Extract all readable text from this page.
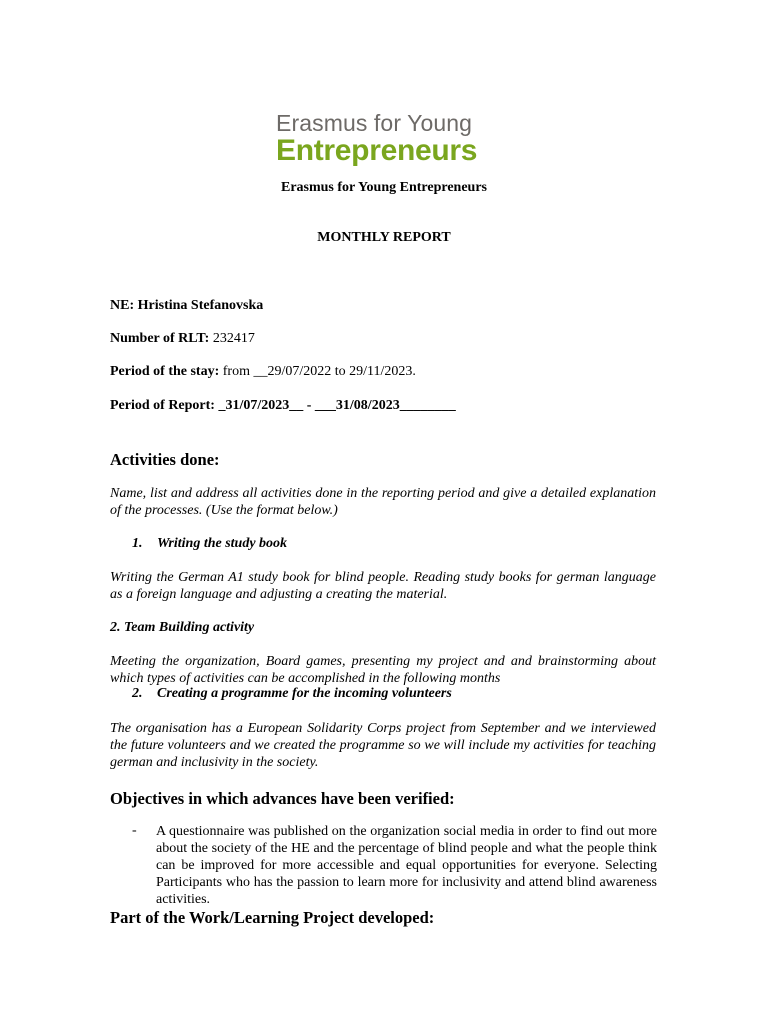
Erasmus for Young
Entrepreneurs
Erasmus for Young Entrepreneurs
MONTHLY REPORT
NE: Hristina Stefanovska
Number of RLT: 232417
Period of the stay: from __29/07/2022 to 29/11/2023.
Period of Report: _31/07/2023__ - ___31/08/2023________
Activities done:
Name, list and address all activities done in the reporting period and give a detailed explanation of the processes. (Use the format below.)
1. Writing the study book
Writing the German A1 study book for blind people. Reading study books for german language as a foreign language and adjusting a creating the material.
2. Team Building activity
Meeting the organization, Board games, presenting my project and and brainstorming about which types of activities can be accomplished in the following months
2. Creating a programme for the incoming volunteers
The organisation has a European Solidarity Corps project from September and we interviewed the future volunteers and we created the programme so we will include my activities for teaching german and inclusivity in the society.
Objectives in which advances have been verified:
- A questionnaire was published on the organization social media in order to find out more about the society of the HE and the percentage of blind people and what the people think can be improved for more accessible and equal opportunities for everyone. Selecting Participants who has the passion to learn more for inclusivity and attend blind awareness activities.
Part of the Work/Learning Project developed:
